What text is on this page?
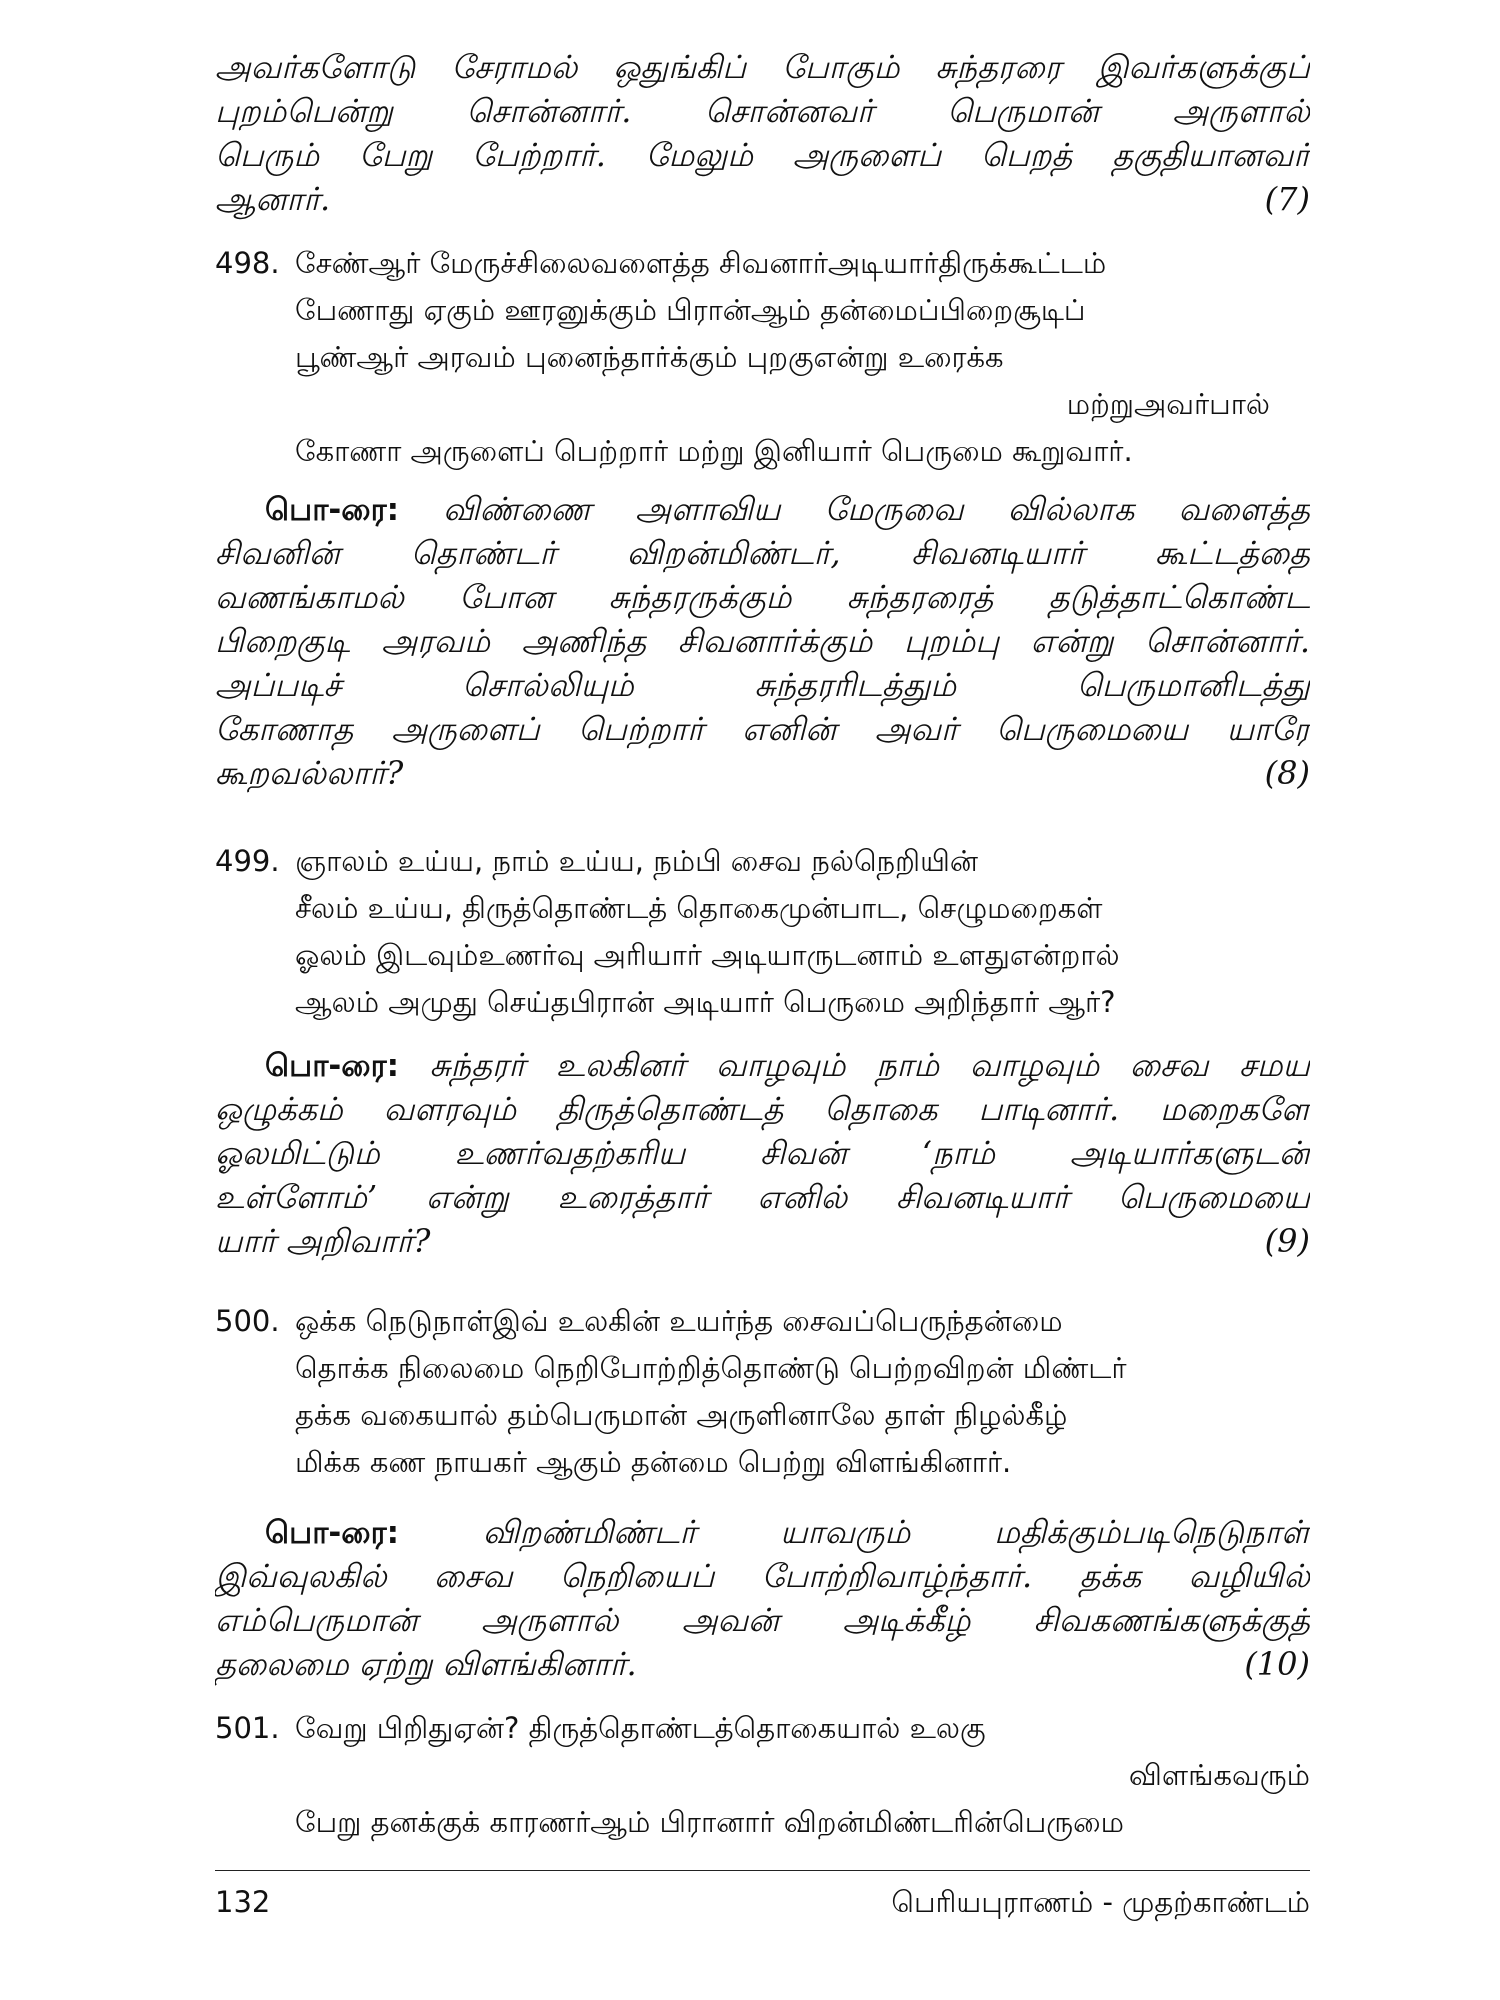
அவர்களோடு சேராமல் ஒதுங்கிப் போகும் சுந்தரரை இவர்களுக்குப்
புறம்பென்று சொன்னார். சொன்னவர் பெருமான் அருளால்
பெரும் பேறு பேற்றார். மேலும் அருளைப் பெறத் தகுதியானவர்
ஆனார்.	(7)
498. சேண்ஆர் மேருச்சிலைவளைத்த சிவனார்அடியார்திருக்கூட்டம்
பேணாது ஏகும் ஊரனுக்கும் பிரான்ஆம் தன்மைப்பிறைசூடிப்
பூண்ஆர் அரவம் புனைந்தார்க்கும் புறகுஎன்று உரைக்க
மற்றுஅவர்பால்
கோணா அருளைப் பெற்றார் மற்று இனியார் பெருமை கூறுவார்.
பொ-ரை: விண்ணை அளாவிய மேருவை வில்லாக வளைத்த
சிவனின் தொண்டர் விறன்மிண்டர், சிவனடியார் கூட்டத்தை
வணங்காமல் போன சுந்தரருக்கும் சுந்தரரைத் தடுத்தாட்கொண்ட
பிறைகுடி அரவம் அணிந்த சிவனார்க்கும் புறம்பு என்று சொன்னார்.
அப்படிச் சொல்லியும் சுந்தரரிடத்தும் பெருமானிடத்து
கோணாத அருளைப் பெற்றார் எனின் அவர் பெருமையை யாரே
கூறவல்லார்?	(8)
499. ஞாலம் உய்ய, நாம் உய்ய, நம்பி சைவ நல்நெறியின்
சீலம் உய்ய, திருத்தொண்டத் தொகைமுன்பாட, செழுமறைகள்
ஓலம் இடவும்உணர்வு அரியார் அடியாருடனாம் உளதுஎன்றால்
ஆலம் அமுது செய்தபிரான் அடியார் பெருமை அறிந்தார் ஆர்?
பொ-ரை: சுந்தரர் உலகினர் வாழவும் நாம் வாழவும் சைவ சமய
ஒழுக்கம் வளரவும் திருத்தொண்டத் தொகை பாடினார். மறைகளே
ஓலமிட்டும் உணர்வதற்கரிய சிவன் ‘நாம் அடியார்களுடன்
உள்ளோம்’ என்று உரைத்தார் எனில் சிவனடியார் பெருமையை
யார் அறிவார்?	(9)
500. ஒக்க நெடுநாள்இவ் உலகின் உயர்ந்த சைவப்பெருந்தன்மை
தொக்க நிலைமை நெறிபோற்றித்தொண்டு பெற்றவிறன் மிண்டர்
தக்க வகையால் தம்பெருமான் அருளினாலே தாள் நிழல்கீழ்
மிக்க கண நாயகர் ஆகும் தன்மை பெற்று விளங்கினார்.
பொ-ரை:	விறண்மிண்டர் யாவரும் மதிக்கும்படிநெடுநாள்
இவ்வுலகில் சைவ நெறியைப் போற்றிவாழ்ந்தார். தக்க வழியில்
எம்பெருமான் அருளால் அவன் அடிக்கீழ் சிவகணங்களுக்குத்
தலைமை ஏற்று விளங்கினார்.	(10)
501. வேறு பிறிதுஏன்? திருத்தொண்டத்தொகையால் உலகு
விளங்கவரும்
பேறு தனக்குக் காரணர்ஆம் பிரானார் விறன்மிண்டரின்பெருமை
132	பெரியபுராணம் - முதற்காண்டம்
